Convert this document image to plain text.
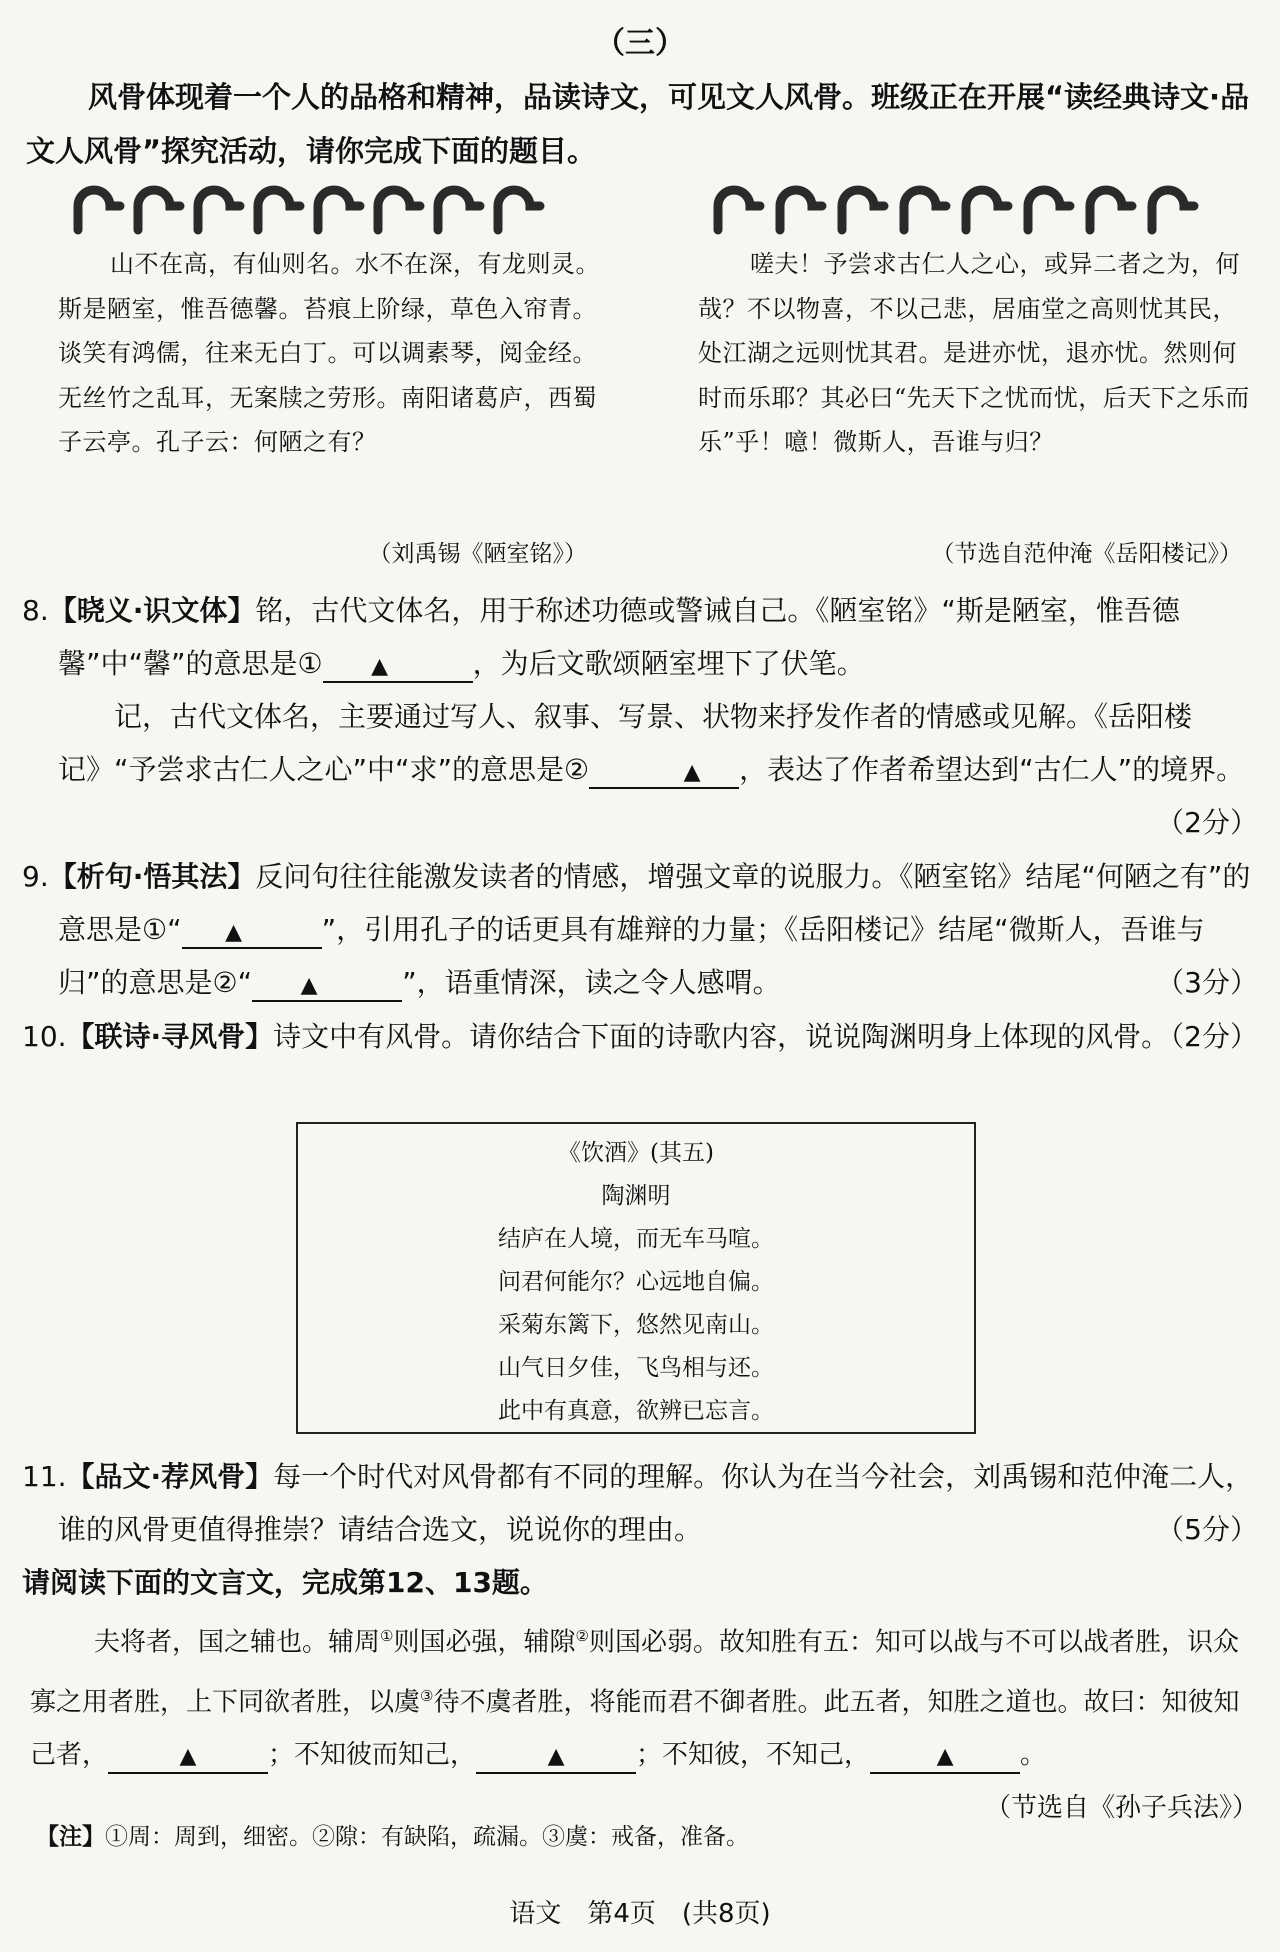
（三）
风骨体现着一个人的品格和精神，品读诗文，可见文人风骨。班级正在开展“读经典诗文·品文人风骨”探究活动，请你完成下面的题目。
山不在高，有仙则名。水不在深，有龙则灵。斯是陋室，惟吾德馨。苔痕上阶绿，草色入帘青。谈笑有鸿儒，往来无白丁。可以调素琴，阅金经。无丝竹之乱耳，无案牍之劳形。南阳诸葛庐，西蜀子云亭。孔子云：何陋之有？
（刘禹锡《陋室铭》）
嗟夫！予尝求古仁人之心，或异二者之为，何哉？不以物喜，不以己悲，居庙堂之高则忧其民，处江湖之远则忧其君。是进亦忧，退亦忧。然则何时而乐耶？其必曰“先天下之忧而忧，后天下之乐而乐”乎！噫！微斯人，吾谁与归？
（节选自范仲淹《岳阳楼记》）

8.【晓义·识文体】铭，古代文体名，用于称述功德或警诫自己。《陋室铭》“斯是陋室，惟吾德馨”中“馨”的意思是① ▲	，为后文歌颂陋室埋下了伏笔。

记，古代文体名，主要通过写人、叙事、写景、状物来抒发作者的情感或见解。《岳阳楼记》“予尝求古仁人之心”中“求”的意思是②	▲ ，表达了作者希望达到“古仁人”的境界。
（2分）

9.【析句·悟其法】反问句往往能激发读者的情感，增强文章的说服力。《陋室铭》结尾“何陋之有”的意思是①“ ▲	”，引用孔子的话更具有雄辩的力量；《岳阳楼记》结尾“微斯人，吾谁与归”的意思是②“ ▲	”，语重情深，读之令人感喟。	（3分）

10.【联诗·寻风骨】诗文中有风骨。请你结合下面的诗歌内容，说说陶渊明身上体现的风骨。
（2分）

《饮酒》(其五)
陶渊明
结庐在人境，而无车马喧。
问君何能尔？心远地自偏。
采菊东篱下，悠然见南山。
山气日夕佳，飞鸟相与还。
此中有真意，欲辨已忘言。

11.【品文·荐风骨】每一个时代对风骨都有不同的理解。你认为在当今社会，刘禹锡和范仲淹二人，谁的风骨更值得推崇？请结合选文，说说你的理由。	（5分）

请阅读下面的文言文，完成第12、13题。
夫将者，国之辅也。辅周①则国必强，辅隙②则国必弱。故知胜有五：知可以战与不可以战者胜，识众寡之用者胜，上下同欲者胜，以虞③待不虞者胜，将能而君不御者胜。此五者，知胜之道也。故曰：知彼知己者，	▲	；不知彼而知己，	▲	；不知彼，不知己，	▲	。
（节选自《孙子兵法》）
【注】①周：周到，细密。②隙：有缺陷，疏漏。③虞：戒备，准备。
语文　第4页　(共8页)
